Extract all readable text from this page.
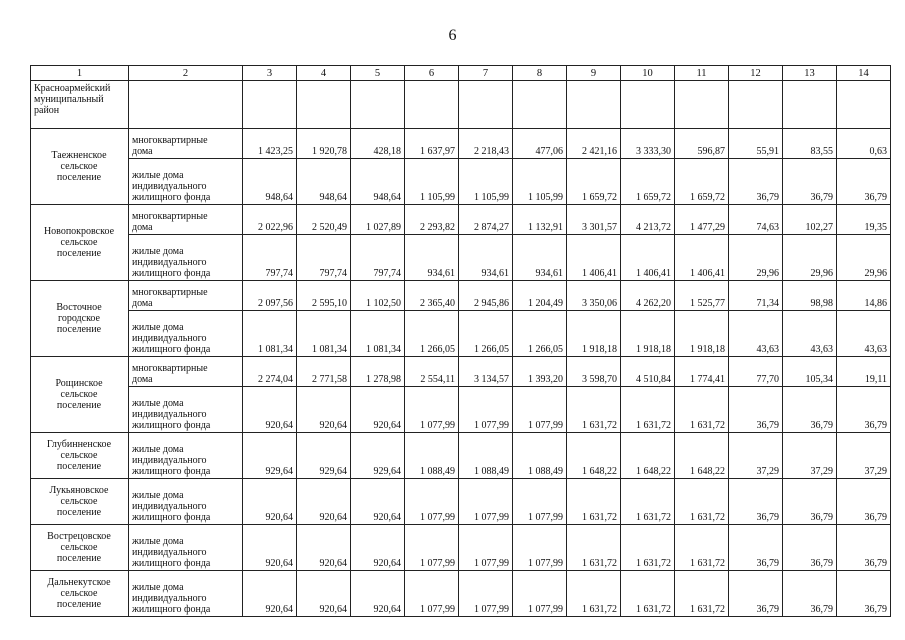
6
1	2	3	4	5	6	7	8	9	10	11	12	13	14

Красноармейский
муниципальный
район													

Таежненское
сельское
поселение	многоквартирные
дома	1 423,25	1 920,78	428,18	1 637,97	2 218,43	477,06	2 421,16	3 333,30	596,87	55,91	83,55	0,63
	жилые дома
индивидуального
жилищного фонда	948,64	948,64	948,64	1 105,99	1 105,99	1 105,99	1 659,72	1 659,72	1 659,72	36,79	36,79	36,79

Новопокровское
сельское
поселение	многоквартирные
дома	2 022,96	2 520,49	1 027,89	2 293,82	2 874,27	1 132,91	3 301,57	4 213,72	1 477,29	74,63	102,27	19,35
	жилые дома
индивидуального
жилищного фонда	797,74	797,74	797,74	934,61	934,61	934,61	1 406,41	1 406,41	1 406,41	29,96	29,96	29,96

Восточное
городское
поселение	многоквартирные
дома	2 097,56	2 595,10	1 102,50	2 365,40	2 945,86	1 204,49	3 350,06	4 262,20	1 525,77	71,34	98,98	14,86
	жилые дома
индивидуального
жилищного фонда	1 081,34	1 081,34	1 081,34	1 266,05	1 266,05	1 266,05	1 918,18	1 918,18	1 918,18	43,63	43,63	43,63

Рощинское
сельское
поселение	многоквартирные
дома	2 274,04	2 771,58	1 278,98	2 554,11	3 134,57	1 393,20	3 598,70	4 510,84	1 774,41	77,70	105,34	19,11
	жилые дома
индивидуального
жилищного фонда	920,64	920,64	920,64	1 077,99	1 077,99	1 077,99	1 631,72	1 631,72	1 631,72	36,79	36,79	36,79

Глубинненское
сельское
поселение	жилые дома
индивидуального
жилищного фонда	929,64	929,64	929,64	1 088,49	1 088,49	1 088,49	1 648,22	1 648,22	1 648,22	37,29	37,29	37,29

Лукьяновское
сельское
поселение	жилые дома
индивидуального
жилищного фонда	920,64	920,64	920,64	1 077,99	1 077,99	1 077,99	1 631,72	1 631,72	1 631,72	36,79	36,79	36,79

Вострецовское
сельское
поселение	жилые дома
индивидуального
жилищного фонда	920,64	920,64	920,64	1 077,99	1 077,99	1 077,99	1 631,72	1 631,72	1 631,72	36,79	36,79	36,79

Дальнекутское
сельское
поселение	жилые дома
индивидуального
жилищного фонда	920,64	920,64	920,64	1 077,99	1 077,99	1 077,99	1 631,72	1 631,72	1 631,72	36,79	36,79	36,79
